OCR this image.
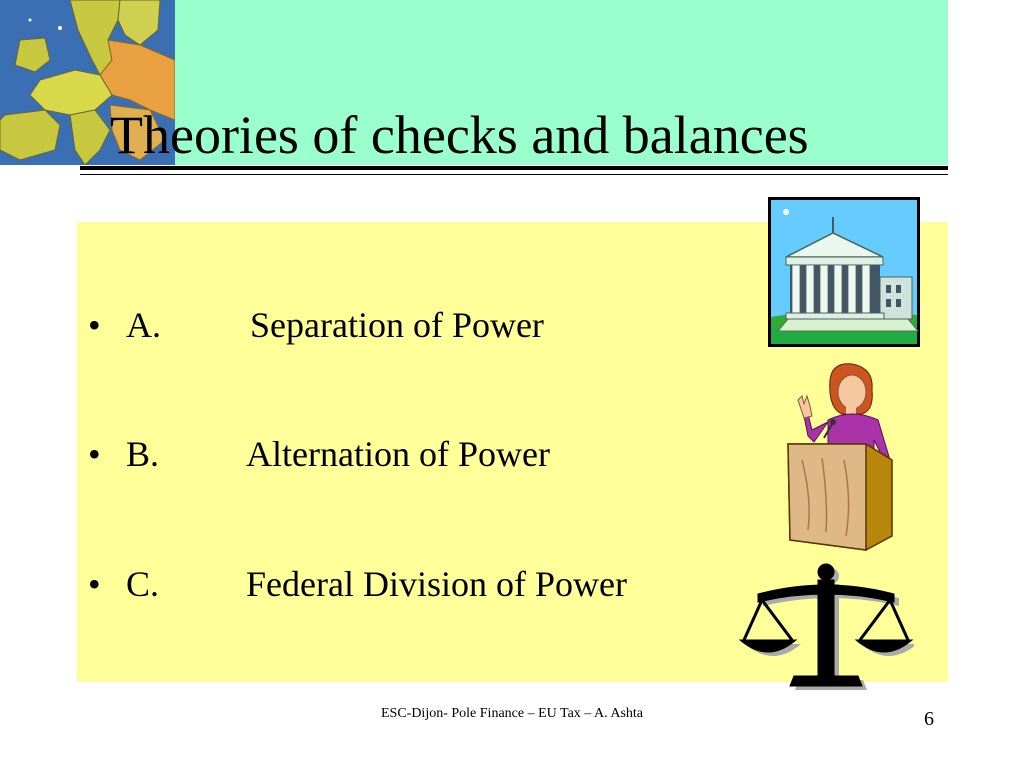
Theories of checks and balances
• A. Separation of Power
• B. Alternation of Power
• C. Federal Division of Power
ESC-Dijon- Pole Finance – EU Tax – A. Ashta	6
